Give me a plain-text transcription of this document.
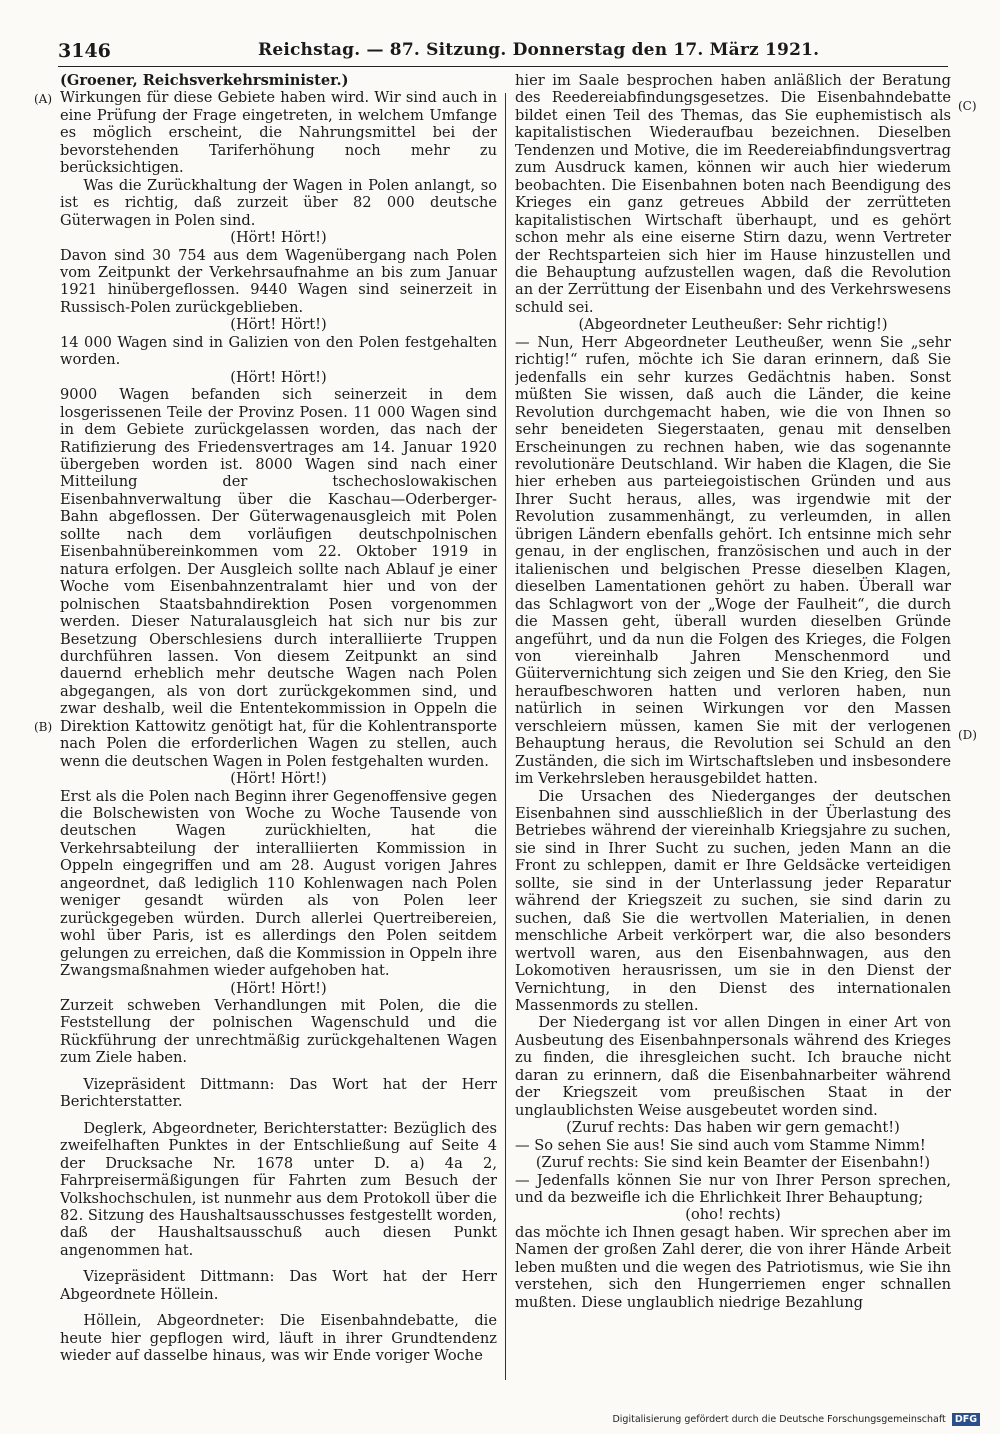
3146	Reichstag. — 87. Sitzung. Donnerstag den 17. März 1921.
(A)
(B)
(C)
(D)

(Groener, Reichsverkehrsminister.)

Wirkungen für diese Gebiete haben wird. Wir sind auch in eine Prüfung der Frage eingetreten, in welchem Umfange es möglich erscheint, die Nahrungsmittel bei der bevorstehenden Tariferhöhung noch mehr zu berücksichtigen.

Was die Zurückhaltung der Wagen in Polen anlangt, so ist es richtig, daß zurzeit über 82 000 deutsche Güterwagen in Polen sind.

(Hört! Hört!)

Davon sind 30 754 aus dem Wagenübergang nach Polen vom Zeitpunkt der Verkehrsaufnahme an bis zum Januar 1921 hinübergeflossen. 9440 Wagen sind seinerzeit in Russisch-Polen zurückgeblieben.

(Hört! Hört!)

14 000 Wagen sind in Galizien von den Polen festgehalten worden.

(Hört! Hört!)

9000 Wagen befanden sich seinerzeit in dem losgerissenen Teile der Provinz Posen. 11 000 Wagen sind in dem Gebiete zurückgelassen worden, das nach der Ratifizierung des Friedensvertrages am 14. Januar 1920 übergeben worden ist. 8000 Wagen sind nach einer Mitteilung der tschechoslowakischen Eisenbahnverwaltung über die Kaschau—Oderberger-Bahn abgeflossen. Der Güterwagenausgleich mit Polen sollte nach dem vorläufigen deutschpolnischen Eisenbahnübereinkommen vom 22. Oktober 1919 in natura erfolgen. Der Ausgleich sollte nach Ablauf je einer Woche vom Eisenbahnzentralamt hier und von der polnischen Staatsbahndirektion Posen vorgenommen werden. Dieser Naturalausgleich hat sich nur bis zur Besetzung Oberschlesiens durch interalliierte Truppen durchführen lassen. Von diesem Zeitpunkt an sind dauernd erheblich mehr deutsche Wagen nach Polen abgegangen, als von dort zurückgekommen sind, und zwar deshalb, weil die Ententekommission in Oppeln die Direktion Kattowitz genötigt hat, für die Kohlentransporte nach Polen die erforderlichen Wagen zu stellen, auch wenn die deutschen Wagen in Polen festgehalten wurden.

(Hört! Hört!)

Erst als die Polen nach Beginn ihrer Gegenoffensive gegen die Bolschewisten von Woche zu Woche Tausende von deutschen Wagen zurückhielten, hat die Verkehrsabteilung der interalliierten Kommission in Oppeln eingegriffen und am 28. August vorigen Jahres angeordnet, daß lediglich 110 Kohlenwagen nach Polen weniger gesandt würden als von Polen leer zurückgegeben würden. Durch allerlei Quertreibereien, wohl über Paris, ist es allerdings den Polen seitdem gelungen zu erreichen, daß die Kommission in Oppeln ihre Zwangsmaßnahmen wieder aufgehoben hat.

(Hört! Hört!)

Zurzeit schweben Verhandlungen mit Polen, die die Feststellung der polnischen Wagenschuld und die Rückführung der unrechtmäßig zurückgehaltenen Wagen zum Ziele haben.

Vizepräsident Dittmann: Das Wort hat der Herr Berichterstatter.

Deglerk, Abgeordneter, Berichterstatter: Bezüglich des zweifelhaften Punktes in der Entschließung auf Seite 4 der Drucksache Nr. 1678 unter D. a) 4a 2, Fahrpreisermäßigungen für Fahrten zum Besuch der Volkshochschulen, ist nunmehr aus dem Protokoll über die 82. Sitzung des Haushaltsausschusses festgestellt worden, daß der Haushaltsausschuß auch diesen Punkt angenommen hat.

Vizepräsident Dittmann: Das Wort hat der Herr Abgeordnete Höllein.

Höllein, Abgeordneter: Die Eisenbahndebatte, die heute hier gepflogen wird, läuft in ihrer Grundtendenz wieder auf dasselbe hinaus, was wir Ende voriger Woche

hier im Saale besprochen haben anläßlich der Beratung des Reedereiabfindungsgesetzes. Die Eisenbahndebatte bildet einen Teil des Themas, das Sie euphemistisch als kapitalistischen Wiederaufbau bezeichnen. Dieselben Tendenzen und Motive, die im Reedereiabfindungsvertrag zum Ausdruck kamen, können wir auch hier wiederum beobachten. Die Eisenbahnen boten nach Beendigung des Krieges ein ganz getreues Abbild der zerrütteten kapitalistischen Wirtschaft überhaupt, und es gehört schon mehr als eine eiserne Stirn dazu, wenn Vertreter der Rechtsparteien sich hier im Hause hinzustellen und die Behauptung aufzustellen wagen, daß die Revolution an der Zerrüttung der Eisenbahn und des Verkehrswesens schuld sei.

(Abgeordneter Leutheußer: Sehr richtig!)

— Nun, Herr Abgeordneter Leutheußer, wenn Sie „sehr richtig!“ rufen, möchte ich Sie daran erinnern, daß Sie jedenfalls ein sehr kurzes Gedächtnis haben. Sonst müßten Sie wissen, daß auch die Länder, die keine Revolution durchgemacht haben, wie die von Ihnen so sehr beneideten Siegerstaaten, genau mit denselben Erscheinungen zu rechnen haben, wie das sogenannte revolutionäre Deutschland. Wir haben die Klagen, die Sie hier erheben aus parteiegoistischen Gründen und aus Ihrer Sucht heraus, alles, was irgendwie mit der Revolution zusammenhängt, zu verleumden, in allen übrigen Ländern ebenfalls gehört. Ich entsinne mich sehr genau, in der englischen, französischen und auch in der italienischen und belgischen Presse dieselben Klagen, dieselben Lamentationen gehört zu haben. Überall war das Schlagwort von der „Woge der Faulheit“, die durch die Massen geht, überall wurden dieselben Gründe angeführt, und da nun die Folgen des Krieges, die Folgen von viereinhalb Jahren Menschenmord und Güitervernichtung sich zeigen und Sie den Krieg, den Sie heraufbeschworen hatten und verloren haben, nun natürlich in seinen Wirkungen vor den Massen verschleiern müssen, kamen Sie mit der verlogenen Behauptung heraus, die Revolution sei Schuld an den Zuständen, die sich im Wirtschaftsleben und insbesondere im Verkehrsleben herausgebildet hatten.

Die Ursachen des Niederganges der deutschen Eisenbahnen sind ausschließlich in der Überlastung des Betriebes während der viereinhalb Kriegsjahre zu suchen, sie sind in Ihrer Sucht zu suchen, jeden Mann an die Front zu schleppen, damit er Ihre Geldsäcke verteidigen sollte, sie sind in der Unterlassung jeder Reparatur während der Kriegszeit zu suchen, sie sind darin zu suchen, daß Sie die wertvollen Materialien, in denen menschliche Arbeit verkörpert war, die also besonders wertvoll waren, aus den Eisenbahnwagen, aus den Lokomotiven herausrissen, um sie in den Dienst der Vernichtung, in den Dienst des internationalen Massenmords zu stellen.

Der Niedergang ist vor allen Dingen in einer Art von Ausbeutung des Eisenbahnpersonals während des Krieges zu finden, die ihresgleichen sucht. Ich brauche nicht daran zu erinnern, daß die Eisenbahnarbeiter während der Kriegszeit vom preußischen Staat in der unglaublichsten Weise ausgebeutet worden sind.

(Zuruf rechts: Das haben wir gern gemacht!)

— So sehen Sie aus! Sie sind auch vom Stamme Nimm!

(Zuruf rechts: Sie sind kein Beamter der Eisenbahn!)

— Jedenfalls können Sie nur von Ihrer Person sprechen, und da bezweifle ich die Ehrlichkeit Ihrer Behauptung;

(oho! rechts)

das möchte ich Ihnen gesagt haben. Wir sprechen aber im Namen der großen Zahl derer, die von ihrer Hände Arbeit leben mußten und die wegen des Patriotismus, wie Sie ihn verstehen, sich den Hungerriemen enger schnallen mußten. Diese unglaublich niedrige Bezahlung

Digitalisierung gefördert durch die Deutsche Forschungsgemeinschaft DFG
